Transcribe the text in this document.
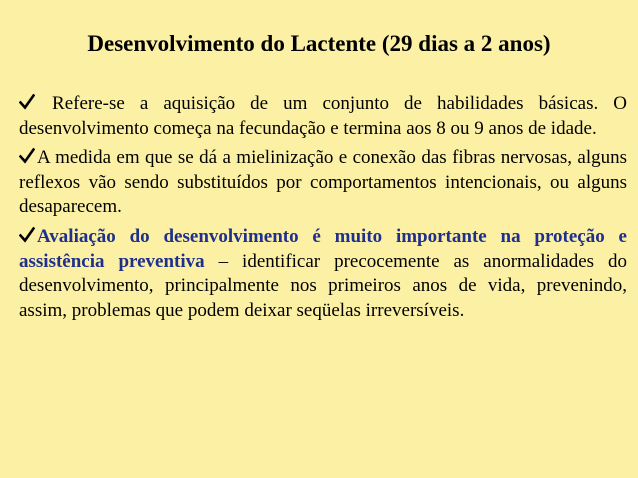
Desenvolvimento do Lactente (29 dias a 2 anos)

Refere-se a aquisição de um conjunto de habilidades básicas. O desenvolvimento começa na fecundação e termina aos 8 ou 9 anos de idade.

A medida em que se dá a mielinização e conexão das fibras nervosas, alguns reflexos vão sendo substituídos por comportamentos intencionais, ou alguns desaparecem.

Avaliação do desenvolvimento é muito importante na proteção e assistência preventiva – identificar precocemente as anormalidades do desenvolvimento, principalmente nos primeiros anos de vida, prevenindo, assim, problemas que podem deixar seqüelas irreversíveis.
